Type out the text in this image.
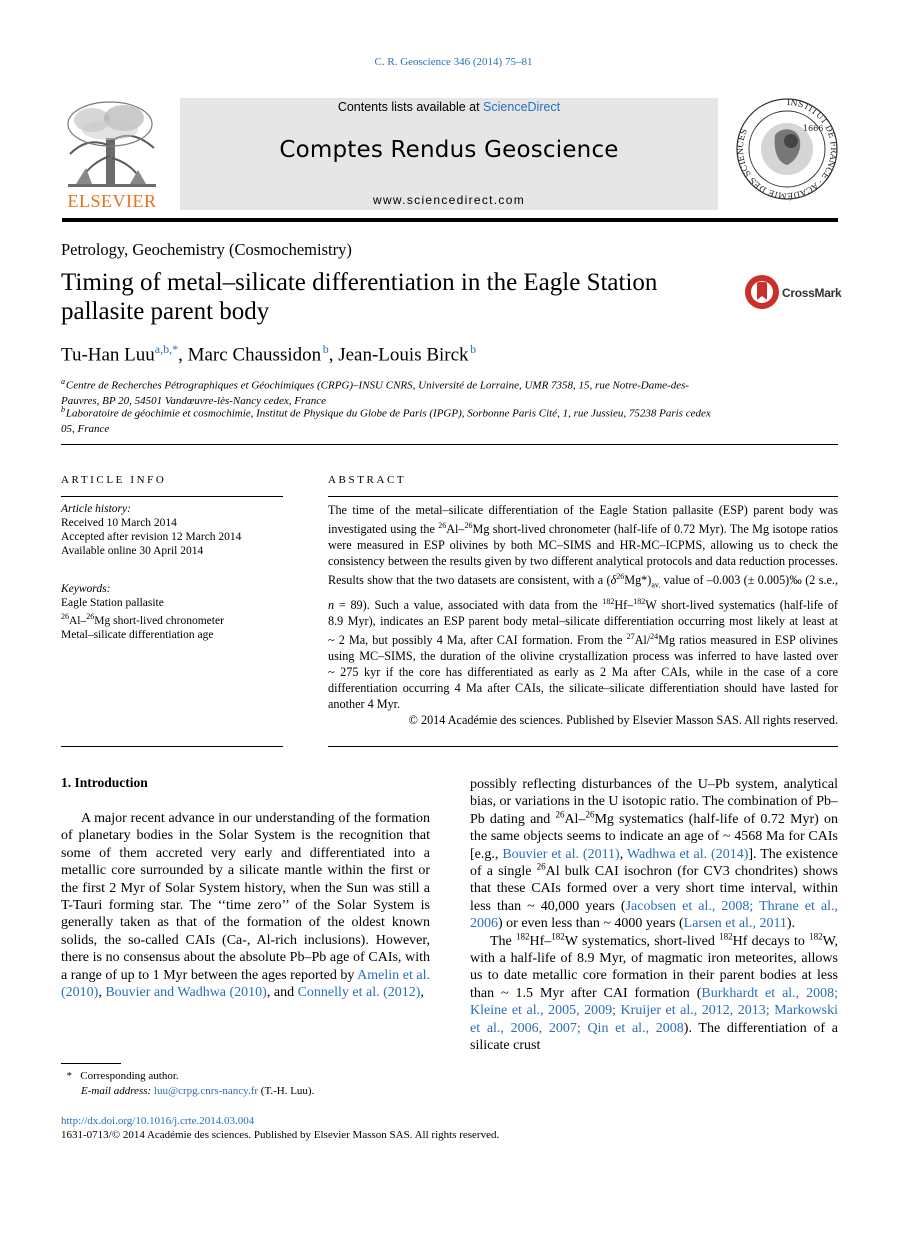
C. R. Geoscience 346 (2014) 75–81
ELSEVIER
Contents lists available at ScienceDirect
Comptes Rendus Geoscience
www.sciencedirect.com
INSTITUT DE FRANCE · ACADÉMIE DES SCIENCES	1666
Petrology, Geochemistry (Cosmochemistry)
Timing of metal–silicate differentiation in the Eagle Station
pallasite parent body
CrossMark
Tu-Han Luu$^{a,b,*}$, Marc Chaussidon  $^b$, Jean-Louis Birck  $^b$
$^a$ Centre de Recherches Pétrographiques et Géochimiques (CRPG)–INSU CNRS, Université de Lorraine, UMR 7358, 15, rue Notre-Dame-des-Pauvres, BP 20, 54501 Vandœuvre-lès-Nancy cedex, France
$^b$ Laboratoire de géochimie et cosmochimie, Institut de Physique du Globe de Paris (IPGP), Sorbonne Paris Cité, 1, rue Jussieu, 75238 Paris cedex 05, France
ARTICLE INFO
Article history:
Received 10 March 2014
Accepted after revision 12 March 2014
Available online 30 April 2014
Keywords:
Eagle Station pallasite
$^{26}$Al–$^{26}$Mg short-lived chronometer
Metal–silicate differentiation age
ABSTRACT

The time of the metal–silicate differentiation of the Eagle Station pallasite (ESP) parent body was investigated using the $^{26}$Al–$^{26}$Mg short-lived chronometer (half-life of 0.72 Myr). The Mg isotope ratios were measured in ESP olivines by both MC–SIMS and HR-MC–ICPMS, allowing us to check the consistency between the results given by two different analytical protocols and data reduction processes. Results show that the two datasets are consistent, with a $(\delta^{26}Mg*)_{av.}$ value of –0.003 (± 0.005)‰ (2 s.e., n = 89). Such a value, associated with data from the $^{182}$Hf–$^{182}$W short-lived systematics (half-life of 8.9 Myr), indicates an ESP parent body metal–silicate differentiation occurring most likely at least at ~ 2 Ma, but possibly 4 Ma, after CAI formation. From the $^{27}$Al/$^{24}$Mg ratios measured in ESP olivines using MC–SIMS, the duration of the olivine crystallization process was inferred to have lasted over ~ 275 kyr if the core has differentiated as early as 2 Ma after CAIs, while in the case of a core differentiation occurring 4 Ma after CAIs, the silicate–silicate differentiation should have lasted for another 4 Myr.

© 2014 Académie des sciences. Published by Elsevier Masson SAS. All rights reserved.

1. Introduction

A major recent advance in our understanding of the formation of planetary bodies in the Solar System is the recognition that some of them accreted very early and differentiated into a metallic core surrounded by a silicate mantle within the first or the first 2 Myr of Solar System history, when the Sun was still a T-Tauri forming star. The ‘‘time zero’’ of the Solar System is generally taken as that of the formation of the oldest known solids, the so-called CAIs (Ca-, Al-rich inclusions). However, there is no consensus about the absolute Pb–Pb age of CAIs, with a range of up to 1 Myr between the ages reported by Amelin et al. (2010), Bouvier and Wadhwa (2010), and Connelly et al. (2012),

possibly reflecting disturbances of the U–Pb system, analytical bias, or variations in the U isotopic ratio. The combination of Pb–Pb dating and $^{26}$Al–$^{26}$Mg systematics (half-life of 0.72 Myr) on the same objects seems to indicate an age of ~ 4568 Ma for CAIs [e.g., Bouvier et al. (2011), Wadhwa et al. (2014)]. The existence of a single $^{26}$Al bulk CAI isochron (for CV3 chondrites) shows that these CAIs formed over a very short time interval, within less than ~ 40,000 years (Jacobsen et al., 2008; Thrane et al., 2006) or even less than ~ 4000 years (Larsen et al., 2011).

The $^{182}$Hf–$^{182}$W systematics, short-lived $^{182}$Hf decays to $^{182}$W, with a half-life of 8.9 Myr, of magmatic iron meteorites, allows us to date metallic core formation in their parent bodies at less than ~ 1.5 Myr after CAI formation (Burkhardt et al., 2008; Kleine et al., 2005, 2009; Kruijer et al., 2012, 2013; Markowski et al., 2006, 2007; Qin et al., 2008). The differentiation of a silicate crust

*   Corresponding author.
E-mail address: luu@crpg.cnrs-nancy.fr (T.-H. Luu).
http://dx.doi.org/10.1016/j.crte.2014.03.004
1631-0713/© 2014 Académie des sciences. Published by Elsevier Masson SAS. All rights reserved.
